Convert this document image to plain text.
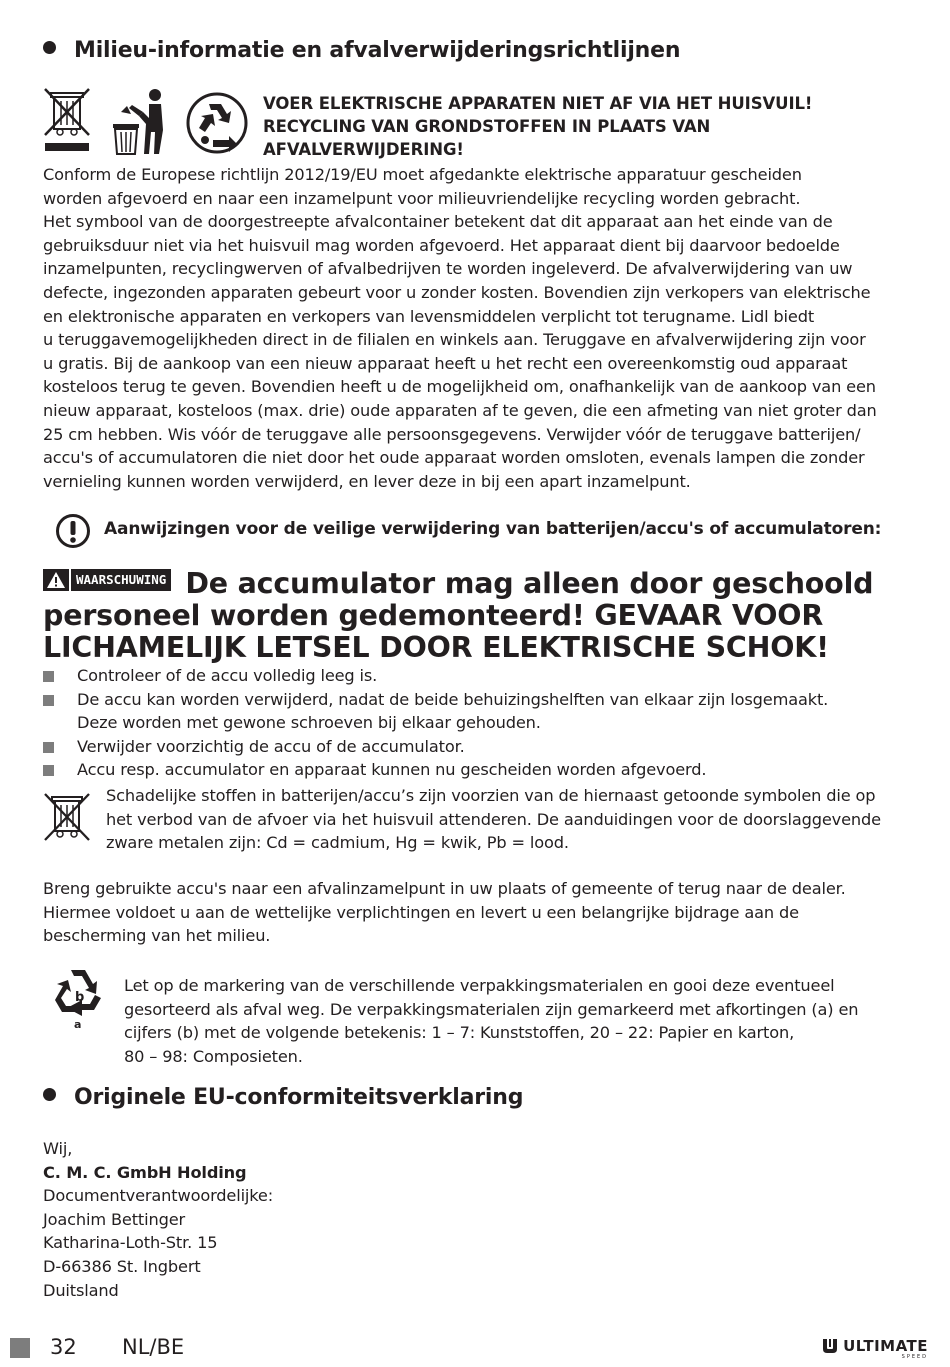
Milieu-informatie en afvalverwijderingsrichtlijnen
VOER ELEKTRISCHE APPARATEN NIET AF VIA HET HUISVUIL!
RECYCLING VAN GRONDSTOFFEN IN PLAATS VAN
AFVALVERWIJDERING!
Conform de Europese richtlijn 2012/19/EU moet afgedankte elektrische apparatuur gescheiden
worden afgevoerd en naar een inzamelpunt voor milieuvriendelijke recycling worden gebracht.
Het symbool van de doorgestreepte afvalcontainer betekent dat dit apparaat aan het einde van de
gebruiksduur niet via het huisvuil mag worden afgevoerd. Het apparaat dient bij daarvoor bedoelde
inzamelpunten, recyclingwerven of afvalbedrijven te worden ingeleverd. De afvalverwijdering van uw
defecte, ingezonden apparaten gebeurt voor u zonder kosten. Bovendien zijn verkopers van elektrische
en elektronische apparaten en verkopers van levensmiddelen verplicht tot terugname. Lidl biedt
u teruggavemogelijkheden direct in de filialen en winkels aan. Teruggave en afvalverwijdering zijn voor
u gratis. Bij de aankoop van een nieuw apparaat heeft u het recht een overeenkomstig oud apparaat
kosteloos terug te geven. Bovendien heeft u de mogelijkheid om, onafhankelijk van de aankoop van een
nieuw apparaat, kosteloos (max. drie) oude apparaten af te geven, die een afmeting van niet groter dan
25 cm hebben. Wis vóór de teruggave alle persoonsgegevens. Verwijder vóór de teruggave batterijen/
accu's of accumulatoren die niet door het oude apparaat worden omsloten, evenals lampen die zonder
vernieling kunnen worden verwijderd, en lever deze in bij een apart inzamelpunt.
Aanwijzingen voor de veilige verwijdering van batterijen/accu's of accumulatoren:
WAARSCHUWING De accumulator mag alleen door geschoold
personeel worden gedemonteerd! GEVAAR VOOR
LICHAMELIJK LETSEL DOOR ELEKTRISCHE SCHOK!
Controleer of de accu volledig leeg is.
De accu kan worden verwijderd, nadat de beide behuizingshelften van elkaar zijn losgemaakt.
Deze worden met gewone schroeven bij elkaar gehouden.
Verwijder voorzichtig de accu of de accumulator.
Accu resp. accumulator en apparaat kunnen nu gescheiden worden afgevoerd.
Schadelijke stoffen in batterijen/accu’s zijn voorzien van de hiernaast getoonde symbolen die op
het verbod van de afvoer via het huisvuil attenderen. De aanduidingen voor de doorslaggevende
zware metalen zijn: Cd = cadmium, Hg = kwik, Pb = lood.
Breng gebruikte accu's naar een afvalinzamelpunt in uw plaats of gemeente of terug naar de dealer.
Hiermee voldoet u aan de wettelijke verplichtingen en levert u een belangrijke bijdrage aan de
bescherming van het milieu.
b
a
Let op de markering van de verschillende verpakkingsmaterialen en gooi deze eventueel
gesorteerd als afval weg. De verpakkingsmaterialen zijn gemarkeerd met afkortingen (a) en
cijfers (b) met de volgende betekenis: 1 – 7: Kunststoffen, 20 – 22: Papier en karton,
80 – 98: Composieten.
Originele EU-conformiteitsverklaring
Wij,
C. M. C. GmbH Holding
Documentverantwoordelijke:
Joachim Bettinger
Katharina-Loth-Str. 15
D-66386 St. Ingbert
Duitsland
32 NL/BE	ULTIMATE
SPEED
